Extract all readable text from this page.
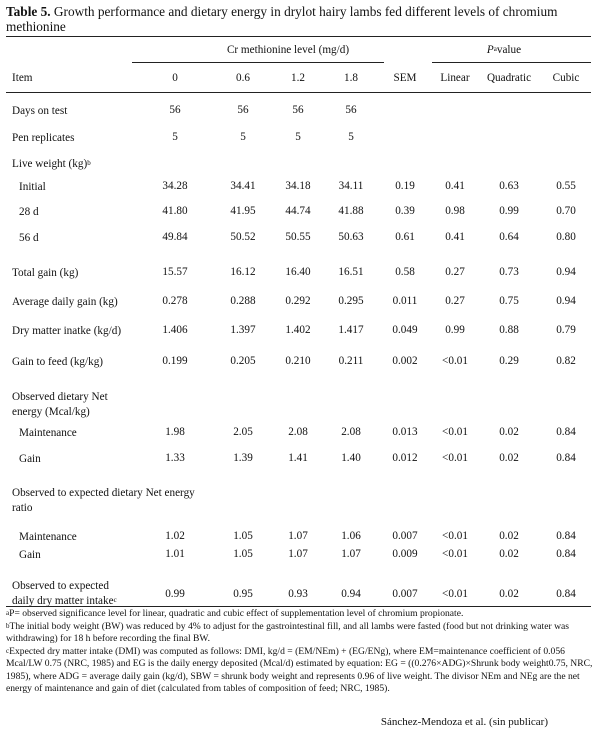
Table 5. Growth performance and dietary energy in drylot hairy lambs fed different levels of chromium methionine
Cr methionine level (mg/d)	$P^avalue$
Item	0	0.6	1.2	1.8	SEM Linear Quadratic Cubic
Days on test	56	56	56	56
Pen replicates	5	5	5	5
Live weight (kg)$^b$
Initial	34.28	34.41	34.18	34.11	0.19	0.41	0.63	0.55
28 d	41.80	41.95	44.74 41.88	0.39	0.98	0.99	0.70
56 d	49.84	50.52	50.55 50.63	0.61	0.41	0.64	0.80
Total gain (kg)	15.57	16.12	16.40 16.51	0.58	0.27	0.73	0.94
Average daily gain (kg)	0.278	0.288	0.292 0.295	0.011 0.27	0.75	0.94
Dry matter inatke (kg/d)	1.406	1.397	1.402 1.417	0.049 0.99	0.88	0.79
Gain to feed (kg/kg)	0.199	0.205	0.210	0.211	0.002 <0.01	0.29	0.82
Observed dietary Net
energy (Mcal/kg)
Maintenance	1.98	2.05	2.08	2.08	0.013 <0.01	0.02	0.84
Gain	1.33	1.39	1.41	1.40	0.012 <0.01	0.02	0.84
Observed to expected dietary Net energy
ratio
Maintenance	1.02	1.05	1.07	1.06	0.007 <0.01	0.02	0.84
Gain	1.01	1.05	1.07	1.07	0.009 <0.01	0.02	0.84
Observed to expected
daily dry matter intake$^c$	0.99	0.95	0.93	0.94	0.007 <0.01	0.02	0.84
$^a$P= observed significance level for linear, quadratic and cubic effect of supplementation level of chromium propionate.
$^b$The initial body weight (BW) was reduced by 4% to adjust for the gastrointestinal fill, and all lambs were fasted (food but not drinking water was withdrawing) for 18 h before recording the final BW.
$^c$Expected dry matter intake (DMI) was computed as follows: DMI, kg/d = (EM/NEm) + (EG/ENg), where EM=maintenance coefficient of 0.056 Mcal/LW 0.75 (NRC, 1985) and EG is the daily energy deposited (Mcal/d) estimated by equation: EG = ((0.276×ADG)×Shrunk body weight0.75, NRC, 1985), where ADG = average daily gain (kg/d), SBW = shrunk body weight and represents 0.96 of live weight. The divisor NEm and NEg are the net energy of maintenance and gain of diet (calculated from tables of composition of feed; NRC, 1985).
Sánchez-Mendoza et al. (sin publicar)
